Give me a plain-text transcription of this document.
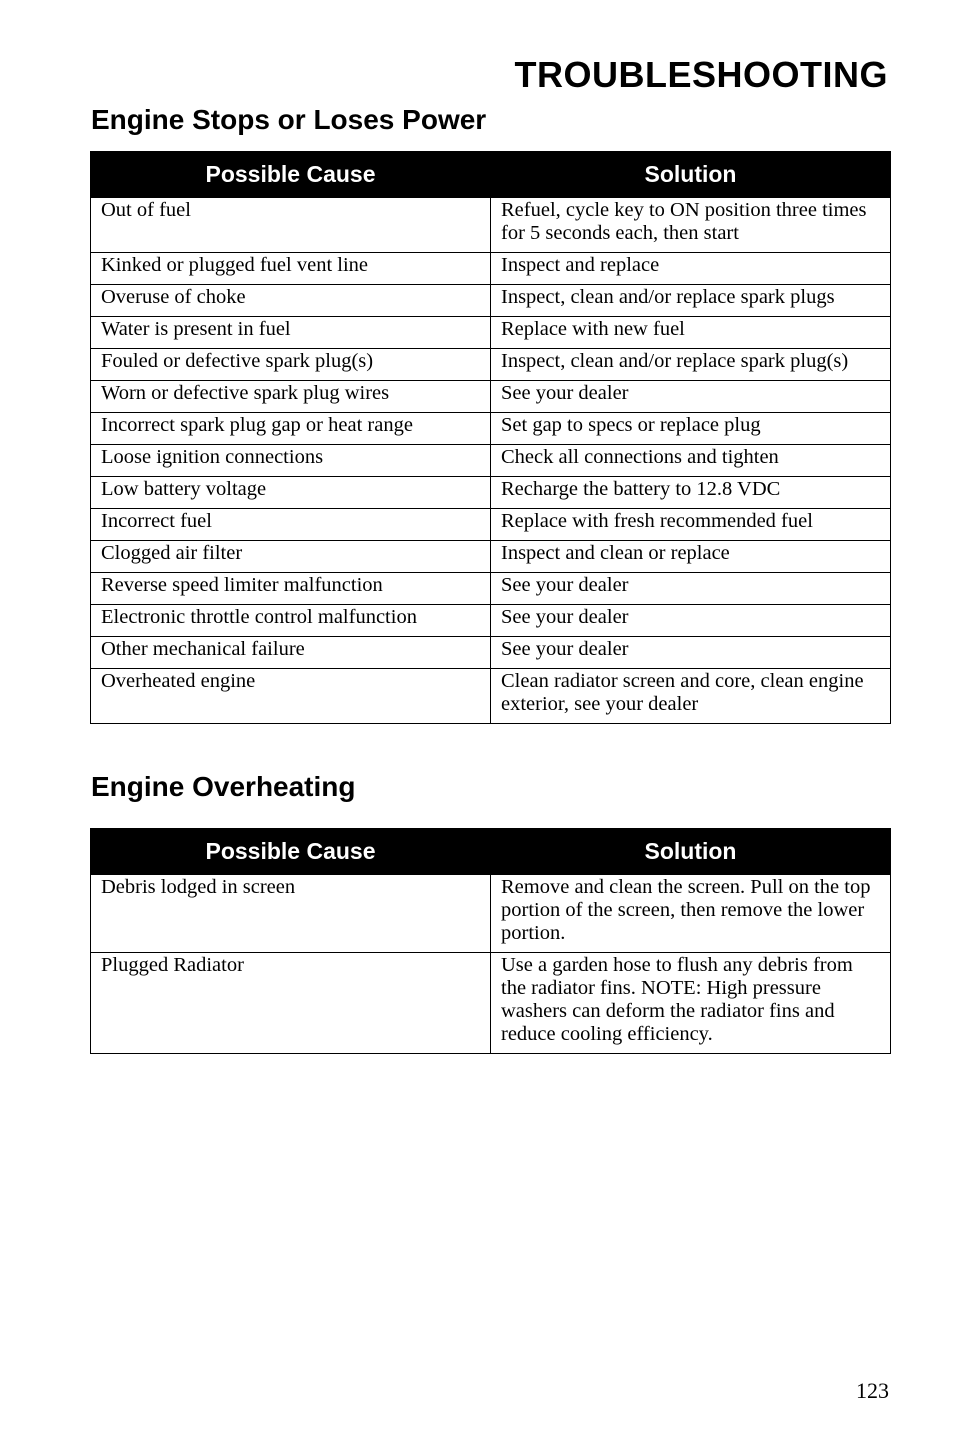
TROUBLESHOOTING
Engine Stops or Loses Power
Possible Cause	Solution
Out of fuel	Refuel, cycle key to ON position three times for 5 seconds each, then start
Kinked or plugged fuel vent line	Inspect and replace
Overuse of choke	Inspect, clean and/or replace spark plugs
Water is present in fuel	Replace with new fuel
Fouled or defective spark plug(s)	Inspect, clean and/or replace spark plug(s)
Worn or defective spark plug wires	See your dealer
Incorrect spark plug gap or heat range	Set gap to specs or replace plug
Loose ignition connections	Check all connections and tighten
Low battery voltage	Recharge the battery to 12.8 VDC
Incorrect fuel	Replace with fresh recommended fuel
Clogged air filter	Inspect and clean or replace
Reverse speed limiter malfunction	See your dealer
Electronic throttle control malfunction	See your dealer
Other mechanical failure	See your dealer
Overheated engine	Clean radiator screen and core, clean engine exterior, see your dealer
Engine Overheating
Possible Cause	Solution
Debris lodged in screen	Remove and clean the screen. Pull on the top portion of the screen, then remove the lower portion.
Plugged Radiator	Use a garden hose to flush any debris from the radiator fins. NOTE: High pressure washers can deform the radiator fins and reduce cooling efficiency.
123
